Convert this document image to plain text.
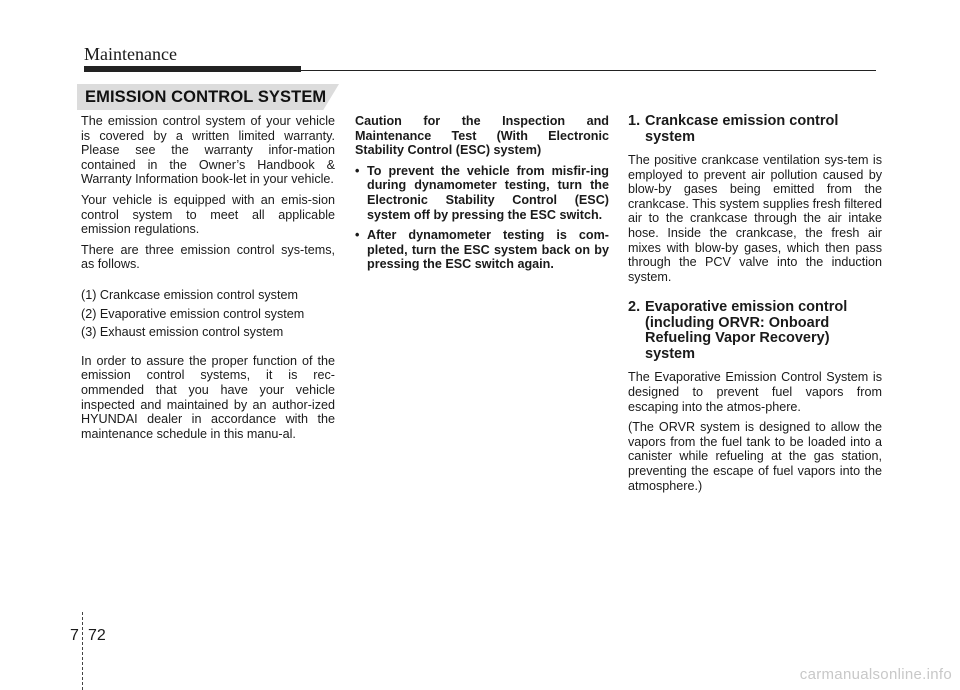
Maintenance
EMISSION CONTROL SYSTEM

The emission control system of your vehicle is covered by a written limited warranty. Please see the warranty infor-mation contained in the Owner’s Handbook & Warranty Information book-let in your vehicle.

Your vehicle is equipped with an emis-sion control system to meet all applicable emission regulations.

There are three emission control sys-tems, as follows.

(1) Crankcase emission control system
(2) Evaporative emission control system
(3) Exhaust emission control system

In order to assure the proper function of the emission control systems, it is rec-ommended that you have your vehicle inspected and maintained by an author-ized HYUNDAI dealer in accordance with the maintenance schedule in this manu-al.

Caution for the Inspection and Maintenance Test (With Electronic Stability Control (ESC) system)

• To prevent the vehicle from misfir-ing during dynamometer testing, turn the Electronic Stability Control (ESC) system off by pressing the ESC switch.
• After dynamometer testing is com-pleted, turn the ESC system back on by pressing the ESC switch again.
1. Crankcase emission control system

The positive crankcase ventilation sys-tem is employed to prevent air pollution caused by blow-by gases being emitted from the crankcase. This system supplies fresh filtered air to the crankcase through the air intake hose. Inside the crankcase, the fresh air mixes with blow-by gases, which then pass through the PCV valve into the induction system.

2. Evaporative emission control (including ORVR: Onboard Refueling Vapor Recovery) system

The Evaporative Emission Control System is designed to prevent fuel vapors from escaping into the atmos-phere.

(The ORVR system is designed to allow the vapors from the fuel tank to be loaded into a canister while refueling at the gas station, preventing the escape of fuel vapors into the atmosphere.)

7 72
carmanualsonline.info
